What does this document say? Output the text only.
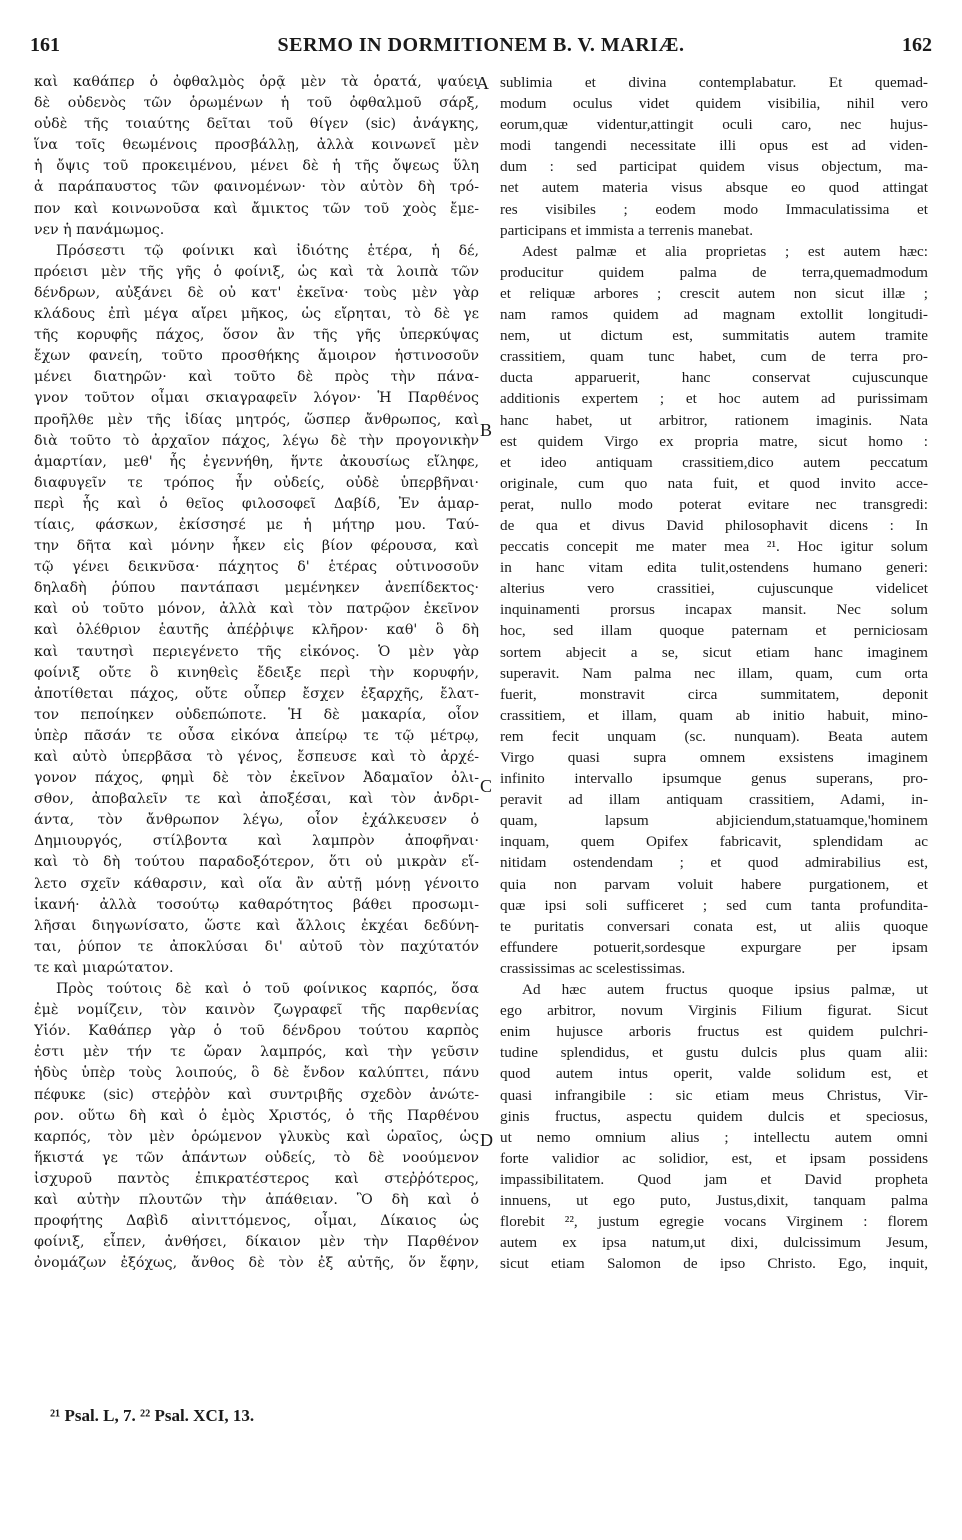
161	SERMO IN DORMITIONEM B. V. MARIÆ.	162
καὶ καθάπερ ὁ ὀφθαλμὸς ὁρᾷ μὲν τὰ ὁρατά, ψαύει
δὲ οὐδενὸς τῶν ὁρωμένων ἡ τοῦ ὀφθαλμοῦ σάρξ,
οὐδὲ τῆς τοιαύτης δεῖται τοῦ θίγεν (sic) ἀνάγκης,
ἵνα τοῖς θεωμένοις προσβάλλῃ, ἀλλὰ κοινωνεῖ μὲν
ἡ ὄψις τοῦ προκειμένου, μένει δὲ ἡ τῆς ὄψεως ὕλη
ἀ παράπαυστος τῶν φαινομένων· τὸν αὐτὸν δὴ τρό-
πον καὶ κοινωνοῦσα καὶ ἄμικτος τῶν τοῦ χοὸς ἔμε-
νεν ἡ πανάμωμος.
Πρόσεστι τῷ φοίνικι καὶ ἰδιότης ἑτέρα, ἡ δέ,
πρόεισι μὲν τῆς γῆς ὁ φοίνιξ, ὡς καὶ τὰ λοιπὰ τῶν
δένδρων, αὐξάνει δὲ οὐ κατ' ἐκεῖνα· τοὺς μὲν γὰρ
κλάδους ἐπὶ μέγα αἴρει μῆκος, ὡς εἴρηται, τὸ δὲ γε
τῆς κορυφῆς πάχος, ὅσον ἂν τῆς γῆς ὑπερκύψας
ἔχων φανείη, τοῦτο προσθήκης ἄμοιρον ἡστινοσοῦν
μένει διατηρῶν· καὶ τοῦτο δὲ πρὸς τὴν πάνα-
γνον τοῦτον οἶμαι σκιαγραφεῖν λόγον· Ἡ Παρθένος
προῆλθε μὲν τῆς ἰδίας μητρός, ὥσπερ ἄνθρωπος, καὶ
διὰ τοῦτο τὸ ἀρχαῖον πάχος, λέγω δὲ τὴν προγονικὴν
ἁμαρτίαν, μεθ' ἧς ἐγεννήθη, ἥντε ἀκουσίως εἴληφε,
διαφυγεῖν τε τρόπος ἦν οὐδείς, οὐδὲ ὑπερβῆναι·
περὶ ἧς καὶ ὁ θεῖος φιλοσοφεῖ Δαβίδ, Ἐν ἁμαρ-
τίαις, φάσκων, ἐκίσσησέ με ἡ μήτηρ μου. Ταύ-
την δῆτα καὶ μόνην ἧκεν εἰς βίον φέρουσα, καὶ
τῷ γένει δεικνῦσα· πάχητος δ' ἑτέρας οὑτινοσοῦν
δηλαδὴ ῥύπου παντάπασι μεμένηκεν ἀνεπίδεκτος·
καὶ οὐ τοῦτο μόνον, ἀλλὰ καὶ τὸν πατρῷον ἐκεῖνον
καὶ ὀλέθριον ἑαυτῆς ἀπέῤῥιψε κλῆρον· καθ' ὃ δὴ
καὶ ταυτησὶ περιεγένετο τῆς εἰκόνος. Ὁ μὲν γὰρ
φοίνιξ οὔτε ὃ κινηθεὶς ἔδειξε περὶ τὴν κορυφήν,
ἀποτίθεται πάχος, οὔτε οὗπερ ἔσχεν ἐξαρχῆς, ἔλατ-
τον πεποίηκεν οὐδεπώποτε. Ἡ δὲ μακαρία, οἷον
ὑπὲρ πᾶσάν τε οὖσα εἰκόνα ἀπείρῳ τε τῷ μέτρῳ,
καὶ αὐτὸ ὑπερβᾶσα τὸ γένος, ἔσπευσε καὶ τὸ ἀρχέ-
γονον πάχος, φημὶ δὲ τὸν ἐκεῖνον Ἀδαμαῖον ὀλι-
σθον, ἀποβαλεῖν τε καὶ ἀποξέσαι, καὶ τὸν ἀνδρι-
άντα, τὸν ἄνθρωπον λέγω, οἷον ἐχάλκευσεν ὁ
Δημιουργός, στίλβοντα καὶ λαμπρὸν ἀποφῆναι·
καὶ τὸ δὴ τούτου παραδοξότερον, ὅτι οὐ μικρὰν εἵ-
λετο σχεῖν κάθαρσιν, καὶ οἵα ἂν αὐτῇ μόνῃ γένοιτο
ἱκανή· ἀλλὰ τοσούτῳ καθαρότητος βάθει προσωμι-
λῆσαι διηγωνίσατο, ὥστε καὶ ἄλλοις ἐκχέαι δεδύνη-
ται, ῥύπον τε ἀποκλύσαι δι' αὐτοῦ τὸν παχύτατόν
τε καὶ μιαρώτατον.
Πρὸς τούτοις δὲ καὶ ὁ τοῦ φοίνικος καρπός, ὅσα
ἐμὲ νομίζειν, τὸν καινὸν ζωγραφεῖ τῆς παρθενίας
Υἱόν. Καθάπερ γὰρ ὁ τοῦ δένδρου τούτου καρπὸς
ἐστι μὲν τήν τε ὤραν λαμπρός, καὶ τὴν γεῦσιν
ἡδὺς ὑπὲρ τοὺς λοιπούς, ὃ δὲ ἔνδον καλύπτει, πάνυ
πέφυκε (sic) στεῤῥὸν καὶ συντριβῆς σχεδὸν ἀνώτε-
ρον. οὕτω δὴ καὶ ὁ ἐμὸς Χριστός, ὁ τῆς Παρθένου
καρπός, τὸν μὲν ὁρώμενον γλυκὺς καὶ ὡραῖος, ὡς
ἥκιστά γε τῶν ἁπάντων οὐδείς, τὸ δὲ νοούμενον
ἰσχυροῦ παντὸς ἐπικρατέστερος καὶ στεῤῥότερος,
καὶ αὐτὴν πλουτῶν τὴν ἀπάθειαν. Ὃ δὴ καὶ ὁ
προφήτης Δαβὶδ αἰνιττόμενος, οἶμαι, Δίκαιος ὡς
φοίνιξ, εἶπεν, ἀνθήσει, δίκαιον μὲν τὴν Παρθένον
ὀνομάζων ἐξόχως, ἄνθος δὲ τὸν ἐξ αὐτῆς, ὅν ἔφην,
sublimia et divina contemplabatur. Et quemad-
modum oculus videt quidem visibilia, nihil vero
eorum,quæ videntur,attingit oculi caro, nec hujus-
modi tangendi necessitate illi opus est ad viden-
dum : sed participat quidem visus objectum, ma-
net autem materia visus absque eo quod attingat
res visibiles ; eodem modo Immaculatissima et
participans et immista a terrenis manebat.
Adest palmæ et alia proprietas ; est autem hæc:
producitur quidem palma de terra,quemadmodum
et reliquæ arbores ; crescit autem non sicut illæ ;
nam ramos quidem ad magnam extollit longitudi-
nem, ut dictum est, summitatis autem tramite
crassitiem, quam tunc habet, cum de terra pro-
ducta apparuerit, hanc conservat cujuscunque
additionis expertem ; et hoc autem ad purissimam
hanc habet, ut arbitror, rationem imaginis. Nata
est quidem Virgo ex propria matre, sicut homo :
et ideo antiquam crassitiem,dico autem peccatum
originale, cum quo nata fuit, et quod invito acce-
perat, nullo modo poterat evitare nec transgredi:
de qua et divus David philosophavit dicens : In
peccatis concepit me mater mea ²¹. Hoc igitur solum
in hanc vitam edita tulit,ostendens humano generi:
alterius vero crassitiei, cujuscunque videlicet
inquinamenti prorsus incapax mansit. Nec solum
hoc, sed illam quoque paternam et perniciosam
sortem abjecit a se, sicut etiam hanc imaginem
superavit. Nam palma nec illam, quam, cum orta
fuerit, monstravit circa summitatem, deponit
crassitiem, et illam, quam ab initio habuit, mino-
rem fecit unquam (sc. nunquam). Beata autem
Virgo quasi supra omnem exsistens imaginem
infinito intervallo ipsumque genus superans, pro-
peravit ad illam antiquam crassitiem, Adami, in-
quam, lapsum abjiciendum,statuamque,'hominem
inquam, quem Opifex fabricavit, splendidam ac
nitidam ostendendam ; et quod admirabilius est,
quia non parvam voluit habere purgationem, et
quæ ipsi soli sufficeret ; sed cum tanta profundita-
te puritatis conversari conata est, ut aliis quoque
effundere potuerit,sordesque expurgare per ipsam
crassissimas ac scelestissimas.
Ad hæc autem fructus quoque ipsius palmæ, ut
ego arbitror, novum Virginis Filium figurat. Sicut
enim hujusce arboris fructus est quidem pulchri-
tudine splendidus, et gustu dulcis plus quam alii:
quod autem intus operit, valde solidum est, et
quasi infrangibile : sic etiam meus Christus, Vir-
ginis fructus, aspectu quidem dulcis et speciosus,
ut nemo omnium alius ; intellectu autem omni
forte validior ac solidior, est, et ipsam possidens
impassibilitatem. Quod jam et David propheta
innuens, ut ego puto, Justus,dixit, tanquam palma
florebit ²², justum egregie vocans Virginem : florem
autem ex ipsa natum,ut dixi, dulcissimum Jesum,
sicut etiam Salomon de ipso Christo. Ego, inquit,
A
B
C
D
²¹ Psal. L, 7. ²² Psal. XCI, 13.
